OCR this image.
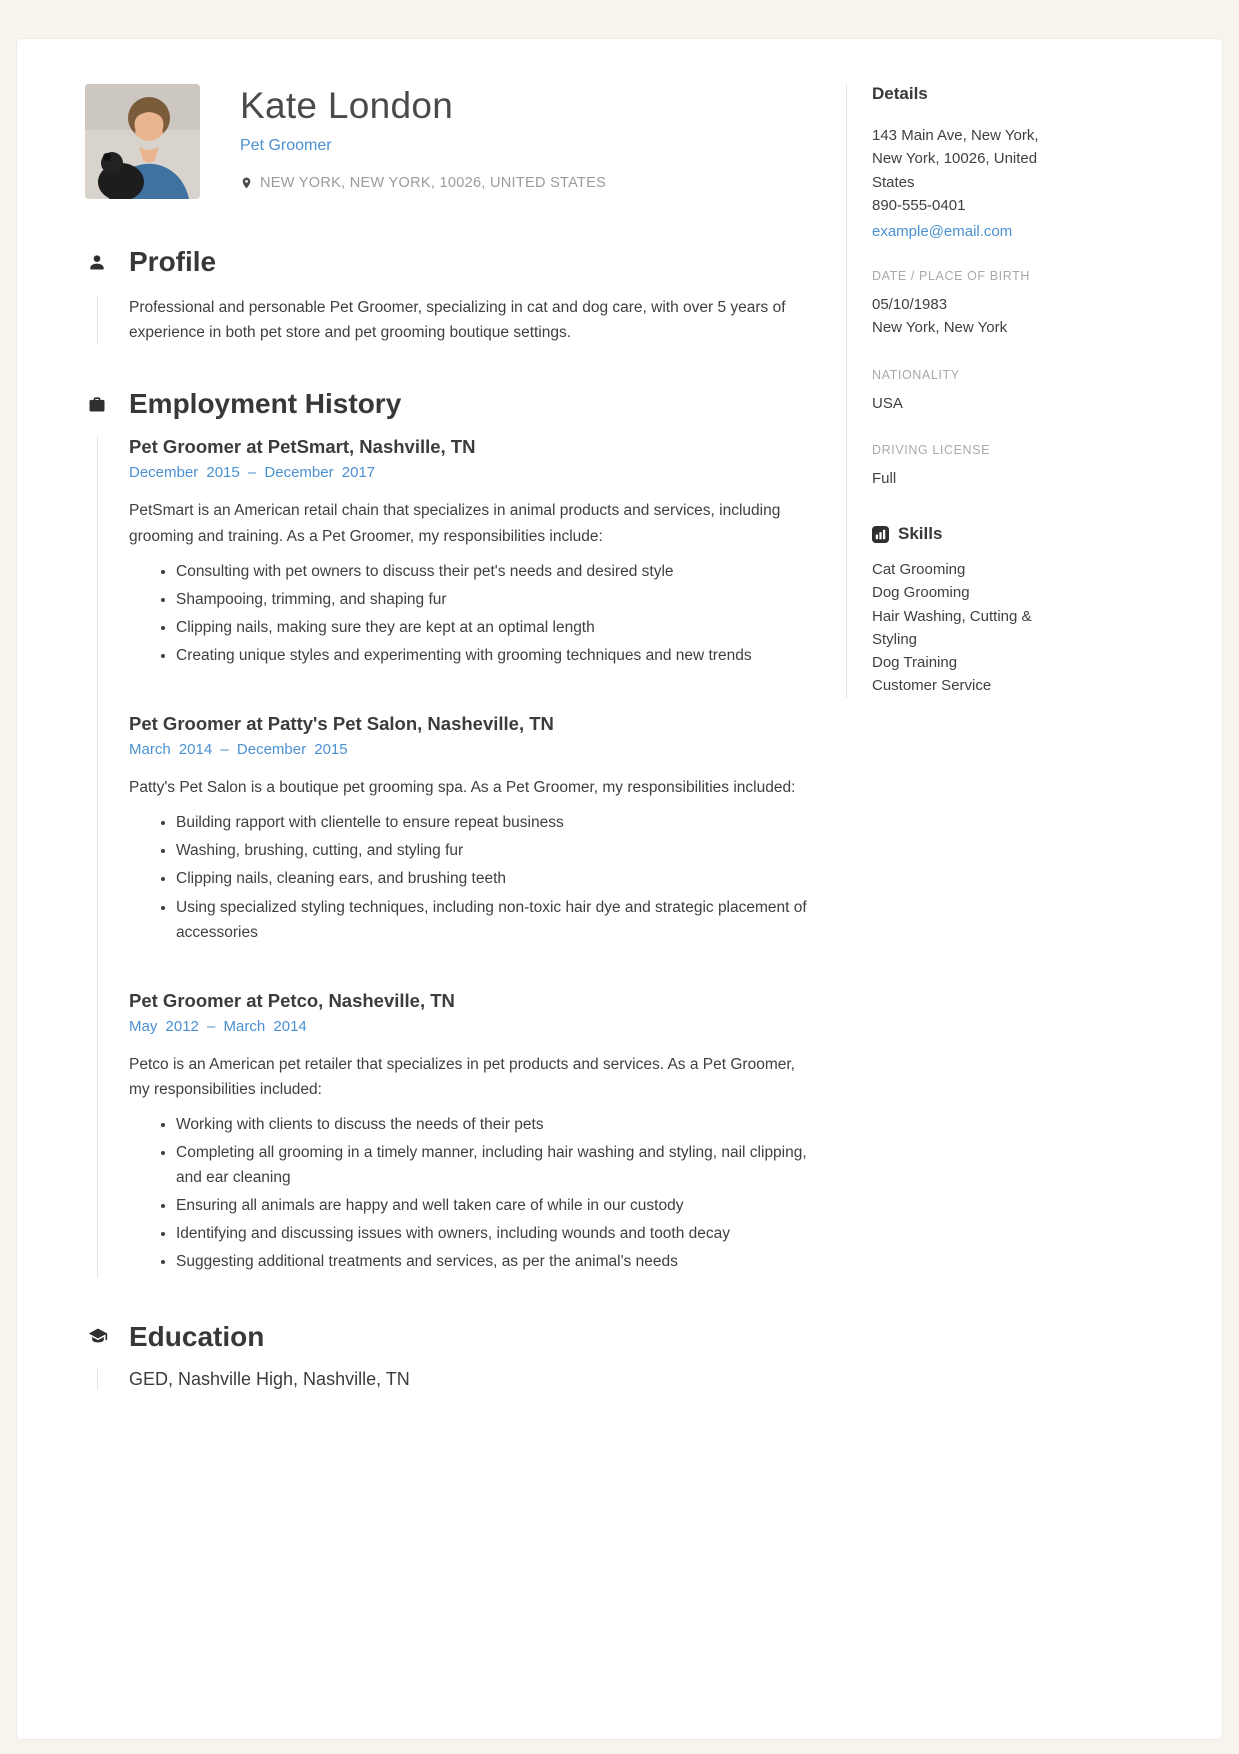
Kate London
Pet Groomer
NEW YORK, NEW YORK, 10026, UNITED STATES
Profile

Professional and personable Pet Groomer, specializing in cat and dog care, with over 5 years of experience in both pet store and pet grooming boutique settings.

Employment History
Pet Groomer at PetSmart, Nashville, TN
December 2015 – December 2017

PetSmart is an American retail chain that specializes in animal products and services, including grooming and training. As a Pet Groomer, my responsibilities include:

• Consulting with pet owners to discuss their pet's needs and desired style
• Shampooing, trimming, and shaping fur
• Clipping nails, making sure they are kept at an optimal length
• Creating unique styles and experimenting with grooming techniques and new trends
Pet Groomer at Patty's Pet Salon, Nasheville, TN
March 2014 – December 2015

Patty's Pet Salon is a boutique pet grooming spa. As a Pet Groomer, my responsibilities included:

• Building rapport with clientelle to ensure repeat business
• Washing, brushing, cutting, and styling fur
• Clipping nails, cleaning ears, and brushing teeth
• Using specialized styling techniques, including non-toxic hair dye and strategic placement of accessories
Pet Groomer at Petco, Nasheville, TN
May 2012 – March 2014

Petco is an American pet retailer that specializes in pet products and services. As a Pet Groomer, my responsibilities included:

• Working with clients to discuss the needs of their pets
• Completing all grooming in a timely manner, including hair washing and styling, nail clipping, and ear cleaning
• Ensuring all animals are happy and well taken care of while in our custody
• Identifying and discussing issues with owners, including wounds and tooth decay
• Suggesting additional treatments and services, as per the animal's needs
Education
GED, Nashville High, Nashville, TN
Details
143 Main Ave, New York, New York, 10026, United States
890-555-0401
example@email.com
DATE / PLACE OF BIRTH
05/10/1983
New York, New York
NATIONALITY
USA
DRIVING LICENSE
Full
Skills
Cat Grooming
Dog Grooming
Hair Washing, Cutting & Styling
Dog Training
Customer Service
